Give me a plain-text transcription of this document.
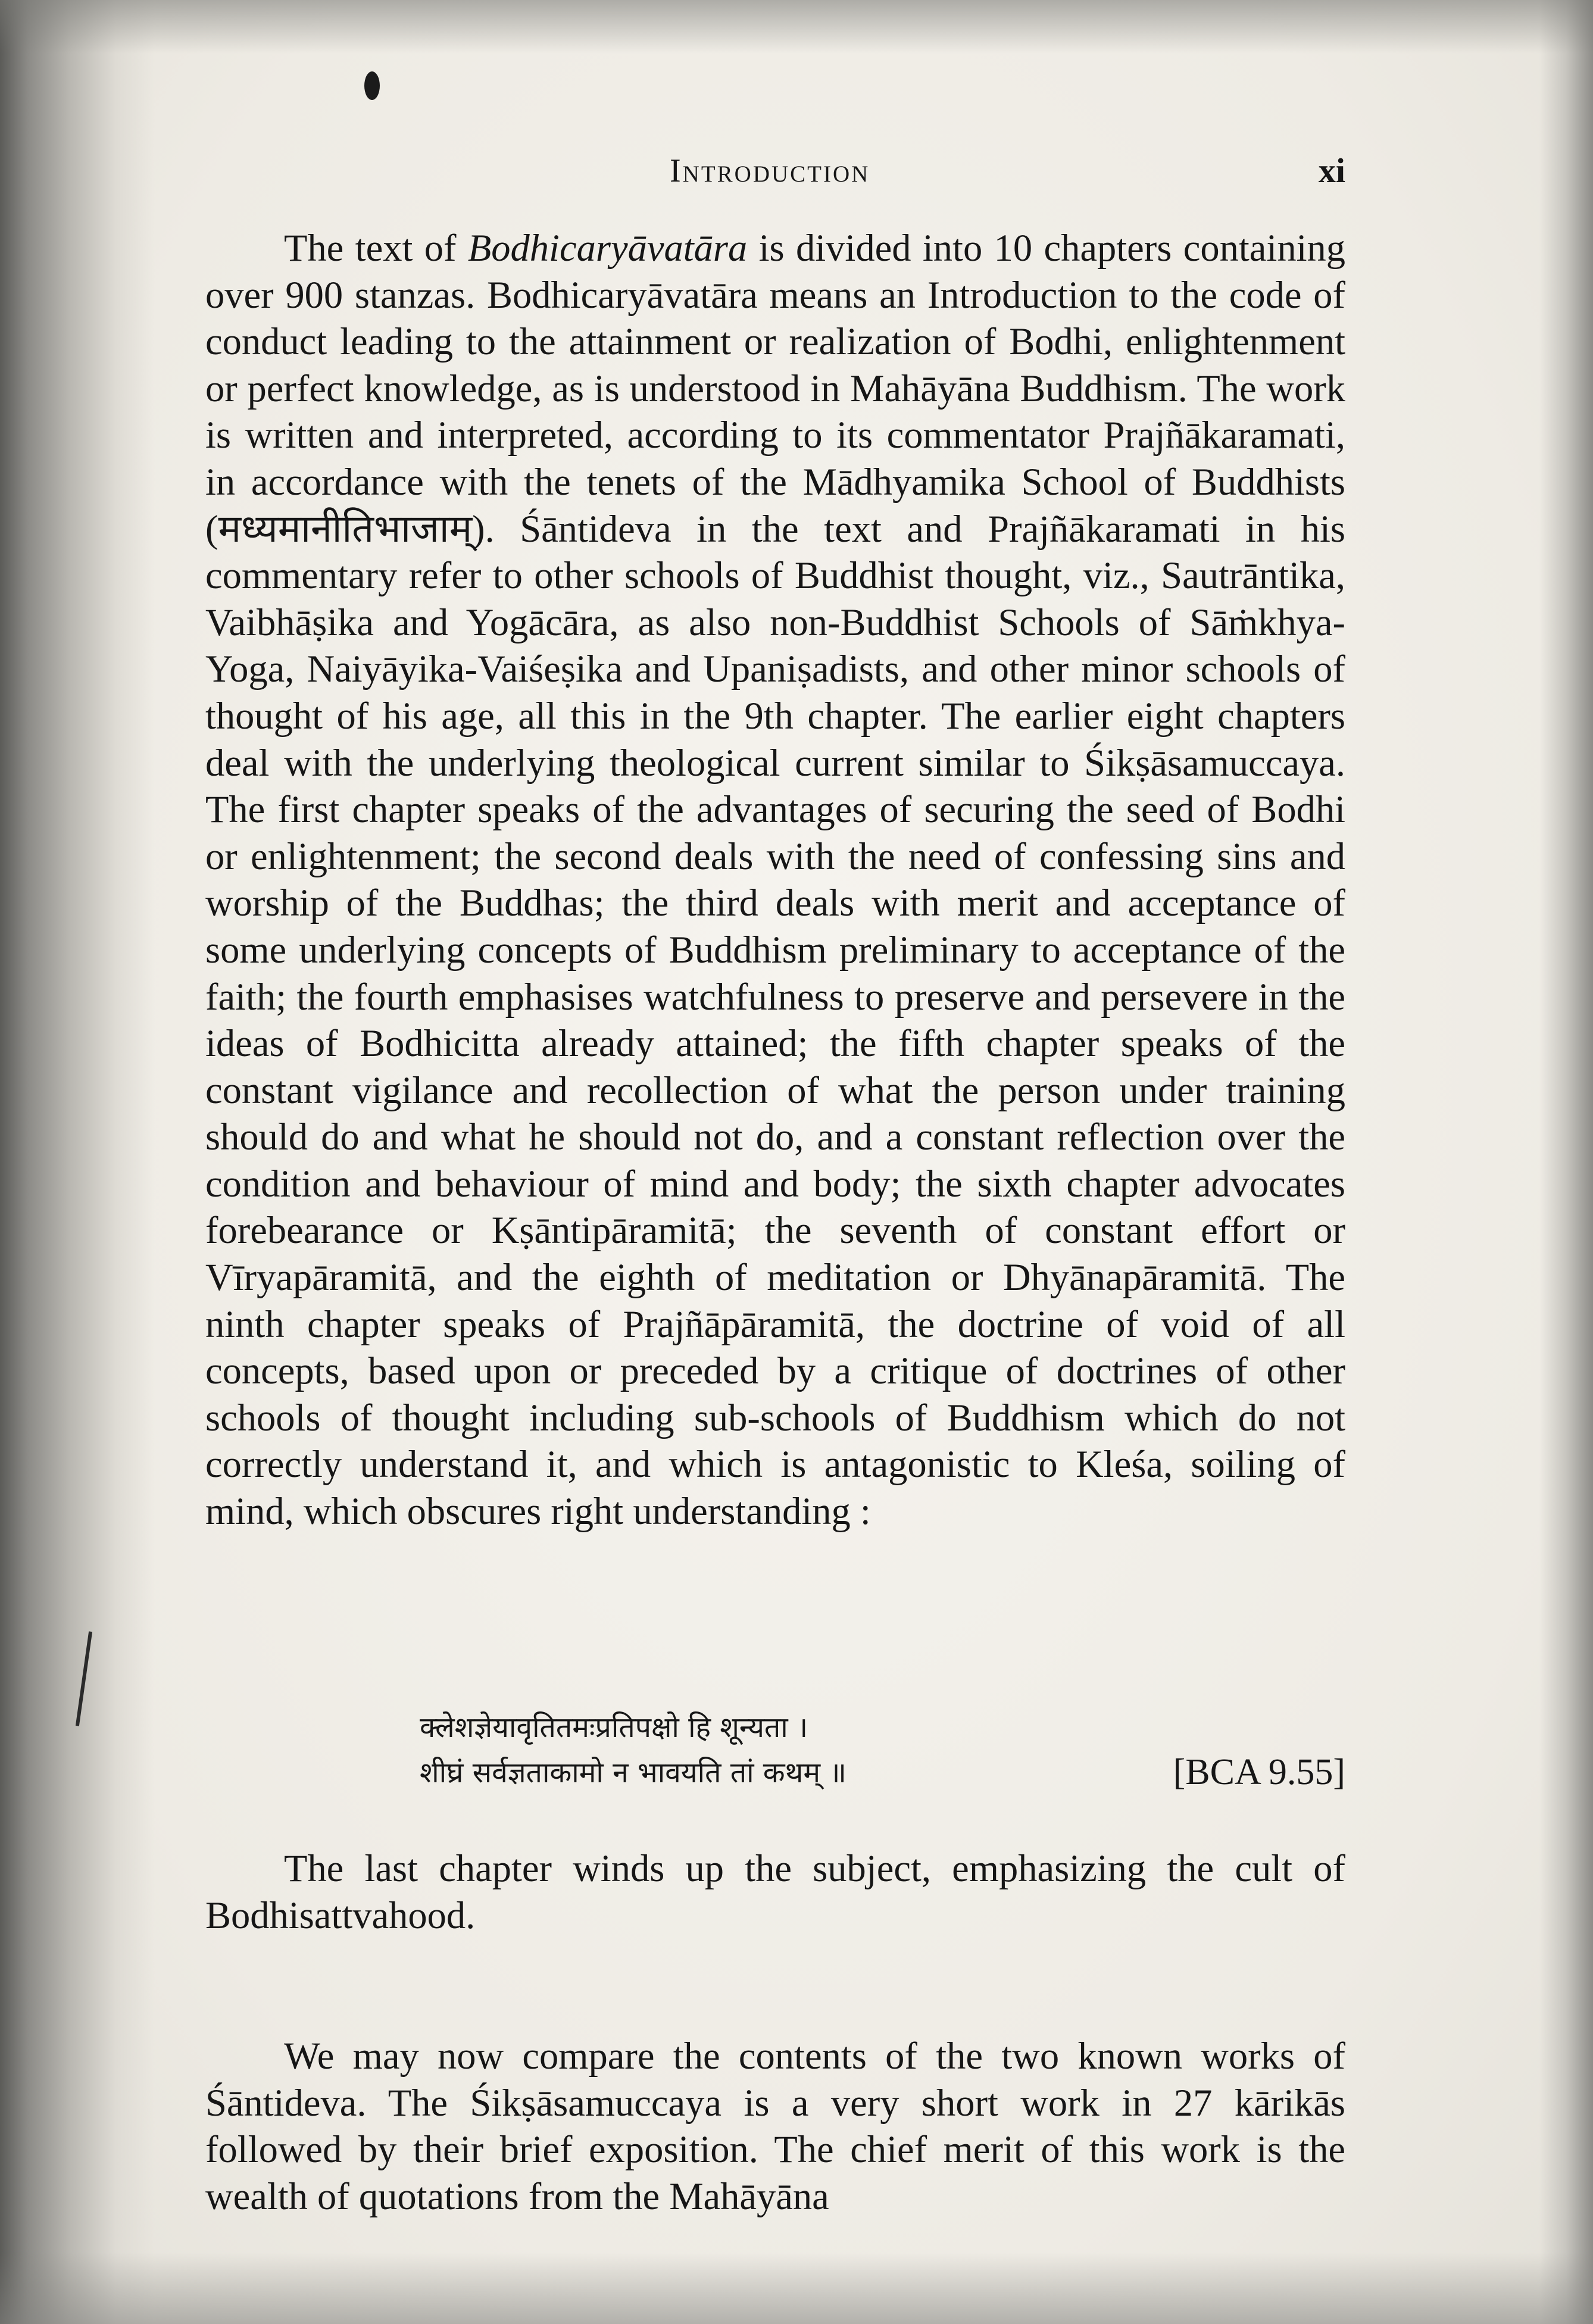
Introduction	xi

The text of Bodhicaryāvatāra is divided into 10 chapters containing over 900 stanzas. Bodhicaryāvatāra means an Introduction to the code of conduct leading to the attainment or realization of Bodhi, enlightenment or perfect knowledge, as is understood in Mahāyāna Buddhism. The work is written and interpreted, according to its commentator Prajñākaramati, in accordance with the tenets of the Mādhyamika School of Buddhists (मध्यमानीतिभाजाम्). Śāntideva in the text and Prajñākaramati in his commentary refer to other schools of Buddhist thought, viz., Sautrāntika, Vaibhāṣika and Yogācāra, as also non-Buddhist Schools of Sāṁkhya-Yoga, Naiyāyika-Vaiśeṣika and Upaniṣadists, and other minor schools of thought of his age, all this in the 9th chapter. The earlier eight chapters deal with the underlying theological current similar to Śikṣāsamuccaya. The first chapter speaks of the advantages of securing the seed of Bodhi or enlightenment; the second deals with the need of confessing sins and worship of the Buddhas; the third deals with merit and acceptance of some underlying concepts of Buddhism preliminary to acceptance of the faith; the fourth emphasises watchfulness to preserve and persevere in the ideas of Bodhicitta already attained; the fifth chapter speaks of the constant vigilance and recollection of what the person under training should do and what he should not do, and a constant reflection over the condition and behaviour of mind and body; the sixth chapter advocates forebearance or Kṣāntipāramitā; the seventh of constant effort or Vīryapāramitā, and the eighth of meditation or Dhyānapāramitā. The ninth chapter speaks of Prajñāpāramitā, the doctrine of void of all concepts, based upon or preceded by a critique of doctrines of other schools of thought including sub-schools of Buddhism which do not correctly understand it, and which is antagonistic to Kleśa, soiling of mind, which obscures right understanding :

क्लेशज्ञेयावृतितमःप्रतिपक्षो हि शून्यता ।
शीघ्रं सर्वज्ञताकामो न भावयति तां कथम् ॥	[BCA 9.55]

The last chapter winds up the subject, emphasizing the cult of Bodhisattvahood.

We may now compare the contents of the two known works of Śāntideva. The Śikṣāsamuccaya is a very short work in 27 kārikās followed by their brief exposition. The chief merit of this work is the wealth of quotations from the Mahāyāna
